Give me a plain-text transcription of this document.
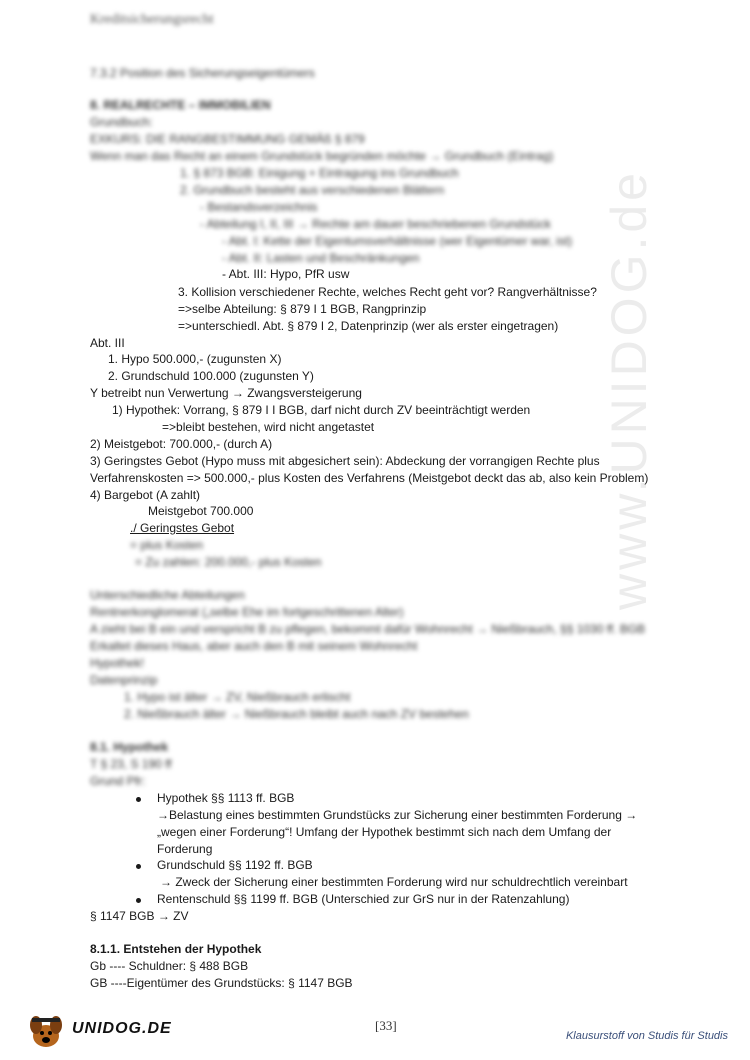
Kreditsicherungsrecht
www.UNIDOG.de
7.3.2 Position des Sicherungseigentümers
8. REALRECHTE – IMMOBILIEN
Grundbuch:
EXKURS: DIE RANGBESTIMMUNG GEMÄß § 879
Wenn man das Recht an einem Grundstück begründen möchte → Grundbuch (Eintrag)
1. § 873 BGB: Einigung + Eintragung ins Grundbuch
2. Grundbuch besteht aus verschiedenen Blättern
- Bestandsverzeichnis
- Abteilung I, II, III → Rechte am dauer beschriebenen Grundstück
- Abt. I: Kette der Eigentumsverhältnisse (wer Eigentümer war, ist)
- Abt. II: Lasten und Beschränkungen
- Abt. III: Hypo, PfR usw
3. Kollision verschiedener Rechte, welches Recht geht vor? Rangverhältnisse?
=>selbe Abteilung: § 879 I 1 BGB, Rangprinzip
=>unterschiedl. Abt. § 879 I 2, Datenprinzip (wer als erster eingetragen)
Abt. III
1. Hypo 500.000,- (zugunsten X)
2. Grundschuld 100.000 (zugunsten Y)
Y betreibt nun Verwertung → Zwangsversteigerung
1) Hypothek: Vorrang, § 879 I I BGB, darf nicht durch ZV beeinträchtigt werden
=>bleibt bestehen, wird nicht angetastet
2) Meistgebot: 700.000,- (durch A)
3) Geringstes Gebot (Hypo muss mit abgesichert sein): Abdeckung der vorrangigen Rechte plus
Verfahrenskosten => 500.000,- plus Kosten des Verfahrens (Meistgebot deckt das ab, also kein Problem)
4) Bargebot (A zahlt)
Meistgebot 700.000
./ Geringstes Gebot
= plus Kosten
= Zu zahlen: 200.000,- plus Kosten
Unterschiedliche Abteilungen
Rentnerkonglomerat („selbe Ehe im fortgeschrittenen Alter)
A zieht bei B ein und verspricht B zu pflegen, bekommt dafür Wohnrecht → Nießbrauch, §§ 1030 ff. BGB
Erkaltet dieses Haus, aber auch den B mit seinem Wohnrecht
Hypothek!
Datenprinzip
1. Hypo ist älter → ZV, Nießbrauch erlischt
2. Nießbrauch älter → Nießbrauch bleibt auch nach ZV bestehen
8.1. Hypothek
T § 23, S 190 ff
Grund Pfr:
Hypothek §§ 1113 ff. BGB
→Belastung eines bestimmten Grundstücks zur Sicherung einer bestimmten Forderung →
„wegen einer Forderung“! Umfang der Hypothek bestimmt sich nach dem Umfang der
Forderung
Grundschuld §§ 1192 ff. BGB
→ Zweck der Sicherung einer bestimmten Forderung wird nur schuldrechtlich vereinbart
Rentenschuld §§ 1199 ff. BGB (Unterschied zur GrS nur in der Ratenzahlung)
§ 1147 BGB → ZV
8.1.1. Entstehen der Hypothek
Gb ---- Schuldner: § 488 BGB
GB ----Eigentümer des Grundstücks: § 1147 BGB
[33]
UNIDOG.DE	Klausurstoff von Studis für Studis
